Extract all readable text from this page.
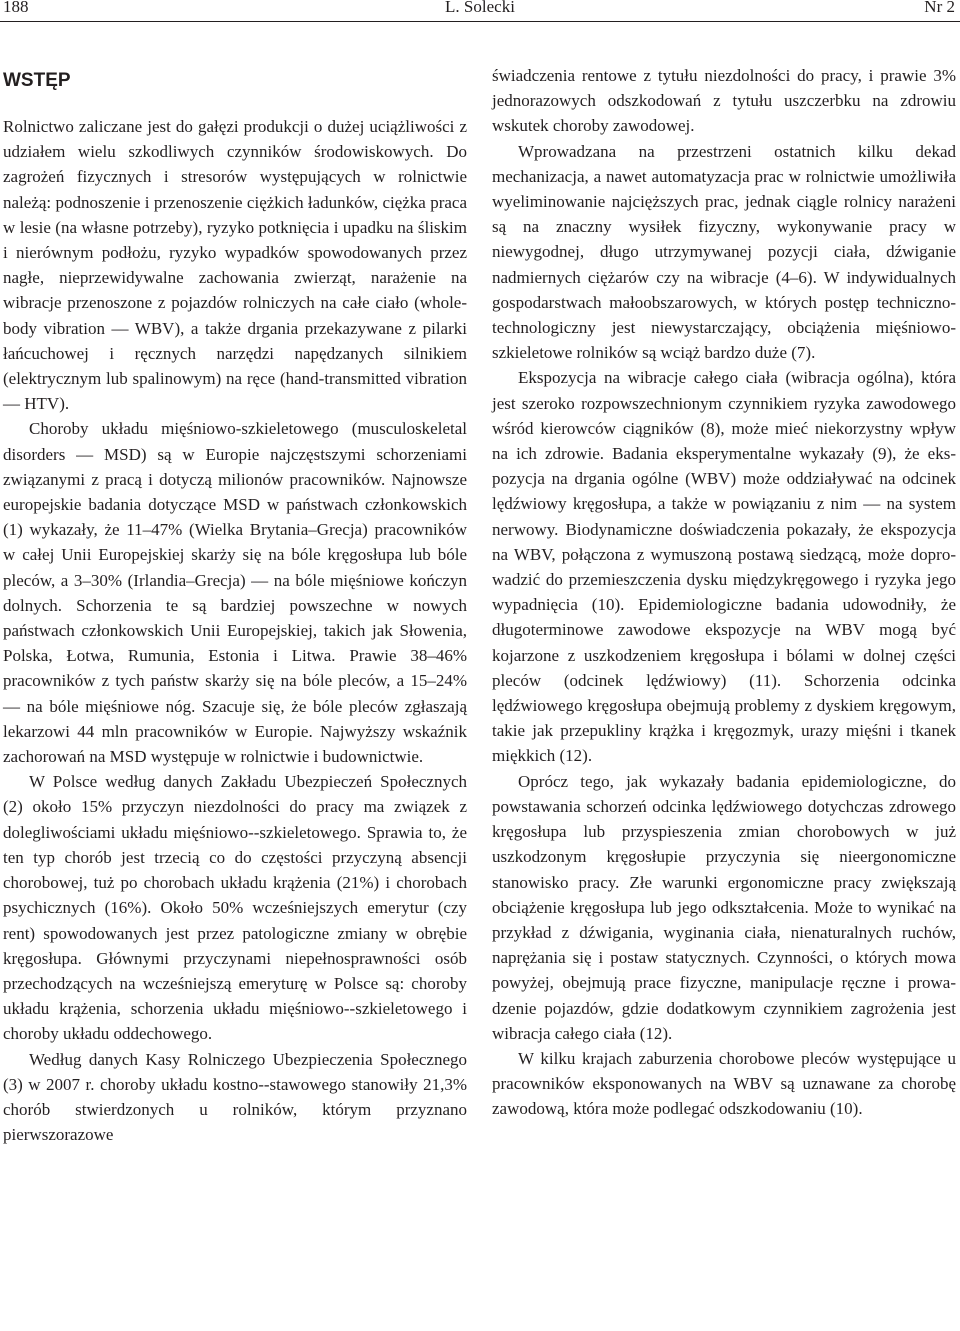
188	L. Solecki	Nr 2
WSTĘP

Rolnictwo zaliczane jest do gałęzi produkcji o dużej uciążliwości z udziałem wielu szkodliwych czynników środowiskowych. Do zagrożeń fizycznych i stresorów występujących w rolnictwie należą: podnoszenie i przenoszenie ciężkich ładunków, ciężka praca w lesie (na własne potrzeby), ryzyko potknięcia i upadku na śliskim i nierównym podłożu, ryzyko wypadków spowodowanych przez nagłe, nieprzewidywalne zachowania zwierząt, narażenie na wibracje przenoszone z pojazdów rolniczych na całe ciało (whole-body vibration — WBV), a także drgania przekazywane z pilarki łańcuchowej i ręcznych narzędzi napędzanych silnikiem (elektrycznym lub spalinowym) na ręce (hand-transmitted vibration — HTV).

Choroby układu mięśniowo-szkieletowego (musculoskeletal disorders — MSD) są w Europie najczęstszymi schorzeniami związanymi z pracą i dotyczą milionów pracowników. Najnowsze europejskie badania dotyczące MSD w państwach członkowskich (1) wykazały, że 11–47% (Wielka Brytania–Grecja) pracowników w całej Unii Europejskiej skarży się na bóle kręgosłupa lub bóle pleców, a 3–30% (Irlandia–Grecja) — na bóle mięśniowe kończyn dolnych. Schorzenia te są bardziej powszechne w nowych państwach członkowskich Unii Europejskiej, takich jak Słowenia, Polska, Łotwa, Rumunia, Estonia i Litwa. Prawie 38–46% pracowników z tych państw skarży się na bóle pleców, a 15–24% — na bóle mięśniowe nóg. Szacuje się, że bóle pleców zgłaszają lekarzowi 44 mln pracowników w Europie. Najwyższy wskaźnik zachorowań na MSD występuje w rolnictwie i budownictwie.

W Polsce według danych Zakładu Ubezpieczeń Społecznych (2) około 15% przyczyn niezdolności do pracy ma związek z dolegliwościami układu mięśniowo--szkieletowego. Sprawia to, że ten typ chorób jest trzecią co do częstości przyczyną absencji chorobowej, tuż po chorobach układu krążenia (21%) i chorobach psychicznych (16%). Około 50% wcześniejszych emerytur (czy rent) spowodowanych jest przez patologiczne zmiany w obrębie kręgosłupa. Głównymi przyczynami niepełnosprawności osób przechodzących na wcześniejszą emeryturę w Polsce są: choroby układu krążenia, schorzenia układu mięśniowo--szkieletowego i choroby układu oddechowego.

Według danych Kasy Rolniczego Ubezpieczenia Społecznego (3) w 2007 r. choroby układu kostno--stawowego stanowiły 21,3% chorób stwierdzonych u rolników, którym przyznano pierwszorazowe

świadczenia rentowe z tytułu niezdolności do pracy, i prawie 3% jednorazowych odszkodowań z tytułu uszczerbku na zdrowiu wskutek choroby zawodowej.

Wprowadzana na przestrzeni ostatnich kilku dekad mechanizacja, a nawet automatyzacja prac w rolnictwie umożliwiła wyeliminowanie najcięższych prac, jednak ciągle rolnicy narażeni są na znaczny wysiłek fizyczny, wykonywanie pracy w niewygodnej, długo utrzymywanej pozycji ciała, dźwiganie nadmiernych ciężarów czy na wibracje (4–6). W indywidualnych gospodarstwach małoobszarowych, w których postęp techniczno-technologiczny jest niewystarczający, obciążenia mięśniowo-szkieletowe rolników są wciąż bardzo duże (7).

Ekspozycja na wibracje całego ciała (wibracja ogólna), która jest szeroko rozpowszechnionym czynnikiem ryzyka zawodowego wśród kierowców ciągników (8), może mieć niekorzystny wpływ na ich zdrowie. Badania eksperymentalne wykazały (9), że ekspozycja na drgania ogólne (WBV) może oddziaływać na odcinek lędźwiowy kręgosłupa, a także w powiązaniu z nim — na system nerwowy. Biodynamiczne doświadczenia pokazały, że ekspozycja na WBV, połączona z wymuszoną postawą siedzącą, może doprowadzić do przemieszczenia dysku międzykręgowego i ryzyka jego wypadnięcia (10). Epidemiologiczne badania udowodniły, że długoterminowe zawodowe ekspozycje na WBV mogą być kojarzone z uszkodzeniem kręgosłupa i bólami w dolnej części pleców (odcinek lędźwiowy) (11). Schorzenia odcinka lędźwiowego kręgosłupa obejmują problemy z dyskiem kręgowym, takie jak przepukliny krążka i kręgozmyk, urazy mięśni i tkanek miękkich (12).

Oprócz tego, jak wykazały badania epidemiologiczne, do powstawania schorzeń odcinka lędźwiowego dotychczas zdrowego kręgosłupa lub przyspieszenia zmian chorobowych w już uszkodzonym kręgosłupie przyczynia się nieergonomiczne stanowisko pracy. Złe warunki ergonomiczne pracy zwiększają obciążenie kręgosłupa lub jego odkształcenia. Może to wynikać na przykład z dźwigania, wyginania ciała, nienaturalnych ruchów, naprężania się i postaw statycznych. Czynności, o których mowa powyżej, obejmują prace fizyczne, manipulacje ręczne i prowadzenie pojazdów, gdzie dodatkowym czynnikiem zagrożenia jest wibracja całego ciała (12).

W kilku krajach zaburzenia chorobowe pleców występujące u pracowników eksponowanych na WBV są uznawane za chorobę zawodową, która może podlegać odszkodowaniu (10).
